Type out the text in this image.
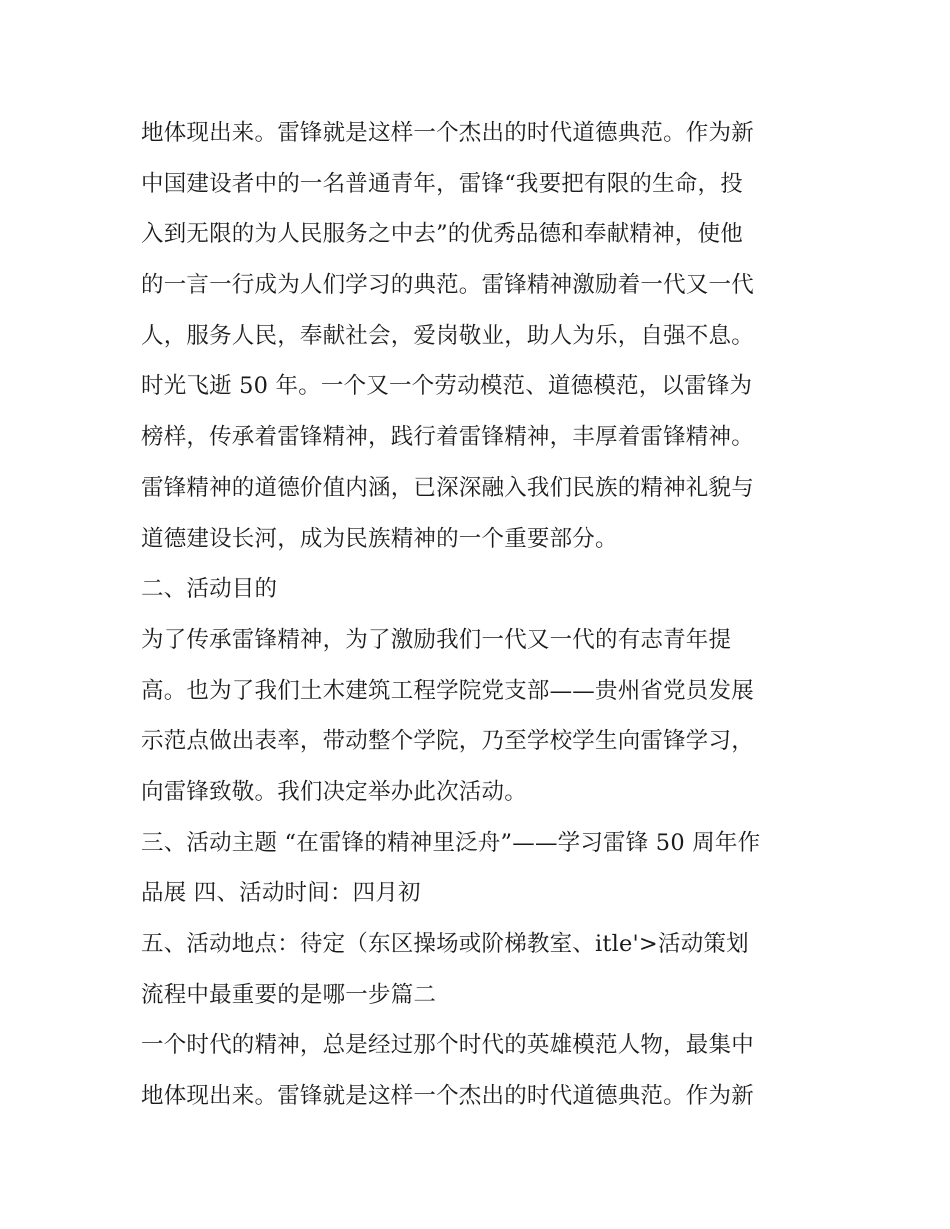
地体现出来。雷锋就是这样一个杰出的时代道德典范。作为新
中国建设者中的一名普通青年，雷锋“我要把有限的生命，投
入到无限的为人民服务之中去”的优秀品德和奉献精神，使他
的一言一行成为人们学习的典范。雷锋精神激励着一代又一代
人，服务人民，奉献社会，爱岗敬业，助人为乐，自强不息。
时光飞逝 50 年。一个又一个劳动模范、道德模范，以雷锋为
榜样，传承着雷锋精神，践行着雷锋精神，丰厚着雷锋精神。
雷锋精神的道德价值内涵，已深深融入我们民族的精神礼貌与
道德建设长河，成为民族精神的一个重要部分。
二、活动目的
为了传承雷锋精神，为了激励我们一代又一代的有志青年提
高。也为了我们土木建筑工程学院党支部——贵州省党员发展
示范点做出表率，带动整个学院，乃至学校学生向雷锋学习，
向雷锋致敬。我们决定举办此次活动。
三、活动主题 “在雷锋的精神里泛舟”——学习雷锋 50 周年作
品展 四、活动时间：四月初
五、活动地点：待定（东区操场或阶梯教室、itle'>活动策划
流程中最重要的是哪一步篇二
一个时代的精神，总是经过那个时代的英雄模范人物，最集中
地体现出来。雷锋就是这样一个杰出的时代道德典范。作为新
